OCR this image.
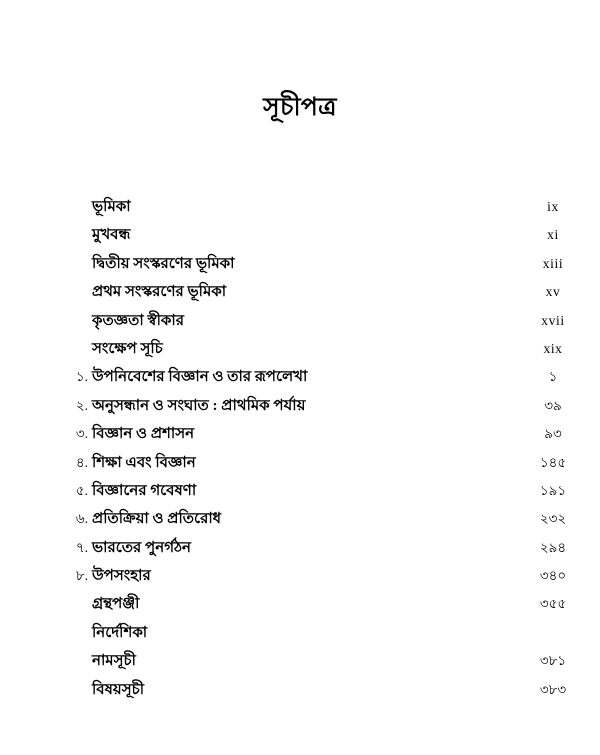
সূচীপত্র
ভূমিকা	ix
মুখবন্ধ	xi
দ্বিতীয় সংস্করণের ভূমিকা	xiii
প্রথম সংস্করণের ভূমিকা	xv
কৃতজ্ঞতা স্বীকার	xvii
সংক্ষেপ সূচি	xix
১. উপনিবেশের বিজ্ঞান ও তার রূপলেখা	১
২. অনুসন্ধান ও সংঘাত : প্রাথমিক পর্যায়	৩৯
৩. বিজ্ঞান ও প্রশাসন	৯৩
৪. শিক্ষা এবং বিজ্ঞান	১৪৫
৫. বিজ্ঞানের গবেষণা	১৯১
৬. প্রতিক্রিয়া ও প্রতিরোধ	২৩২
৭. ভারতের পুনর্গঠন	২৯৪
৮. উপসংহার	৩৪০
গ্রন্থপঞ্জী	৩৫৫
নির্দেশিকা
নামসূচী	৩৮১
বিষয়সূচী	৩৮৩
